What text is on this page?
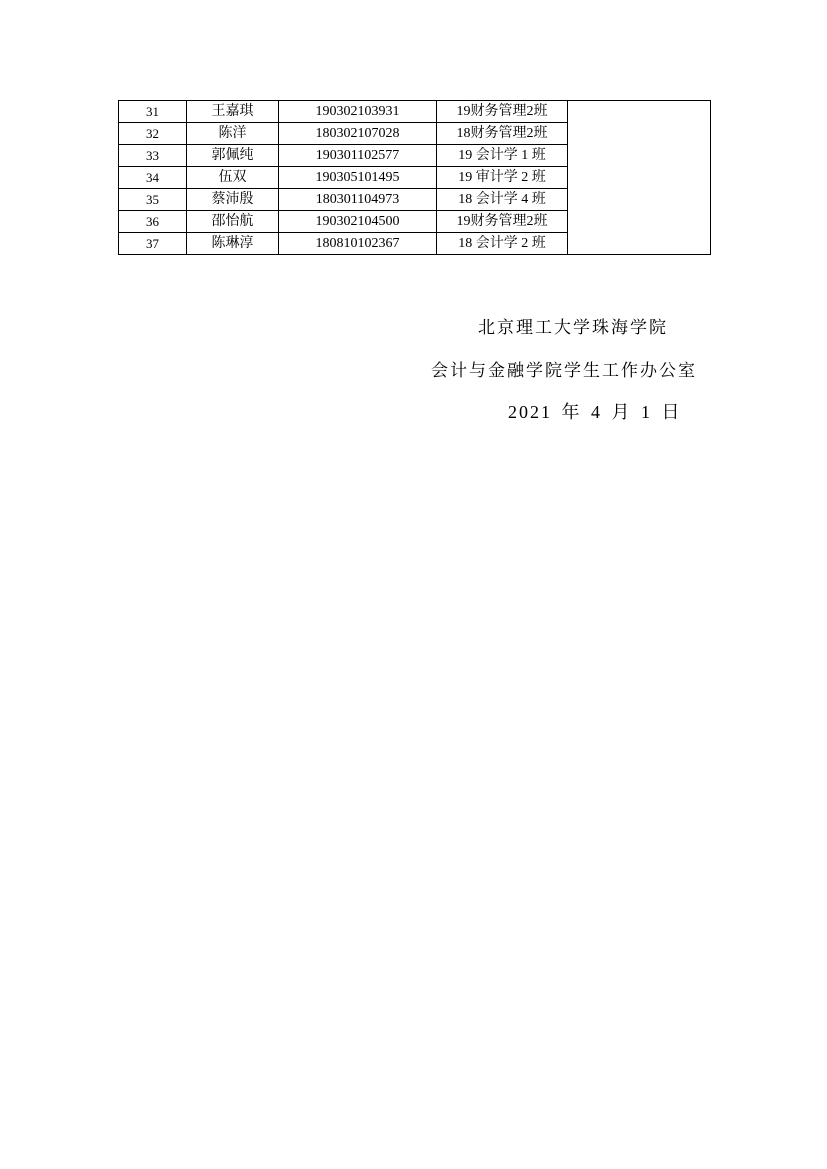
31	王嘉琪	190302103931	19财务管理2班	
32	陈洋	180302107028	18财务管理2班	
33	郭佩纯	190301102577	19 会计学 1 班	
34	伍双	190305101495	19 审计学 2 班	
35	蔡沛殷	180301104973	18 会计学 4 班	
36	邵怡航	190302104500	19财务管理2班	
37	陈琳淳	180810102367	18 会计学 2 班	
北京理工大学珠海学院
会计与金融学院学生工作办公室
2021 年 4 月 1 日
